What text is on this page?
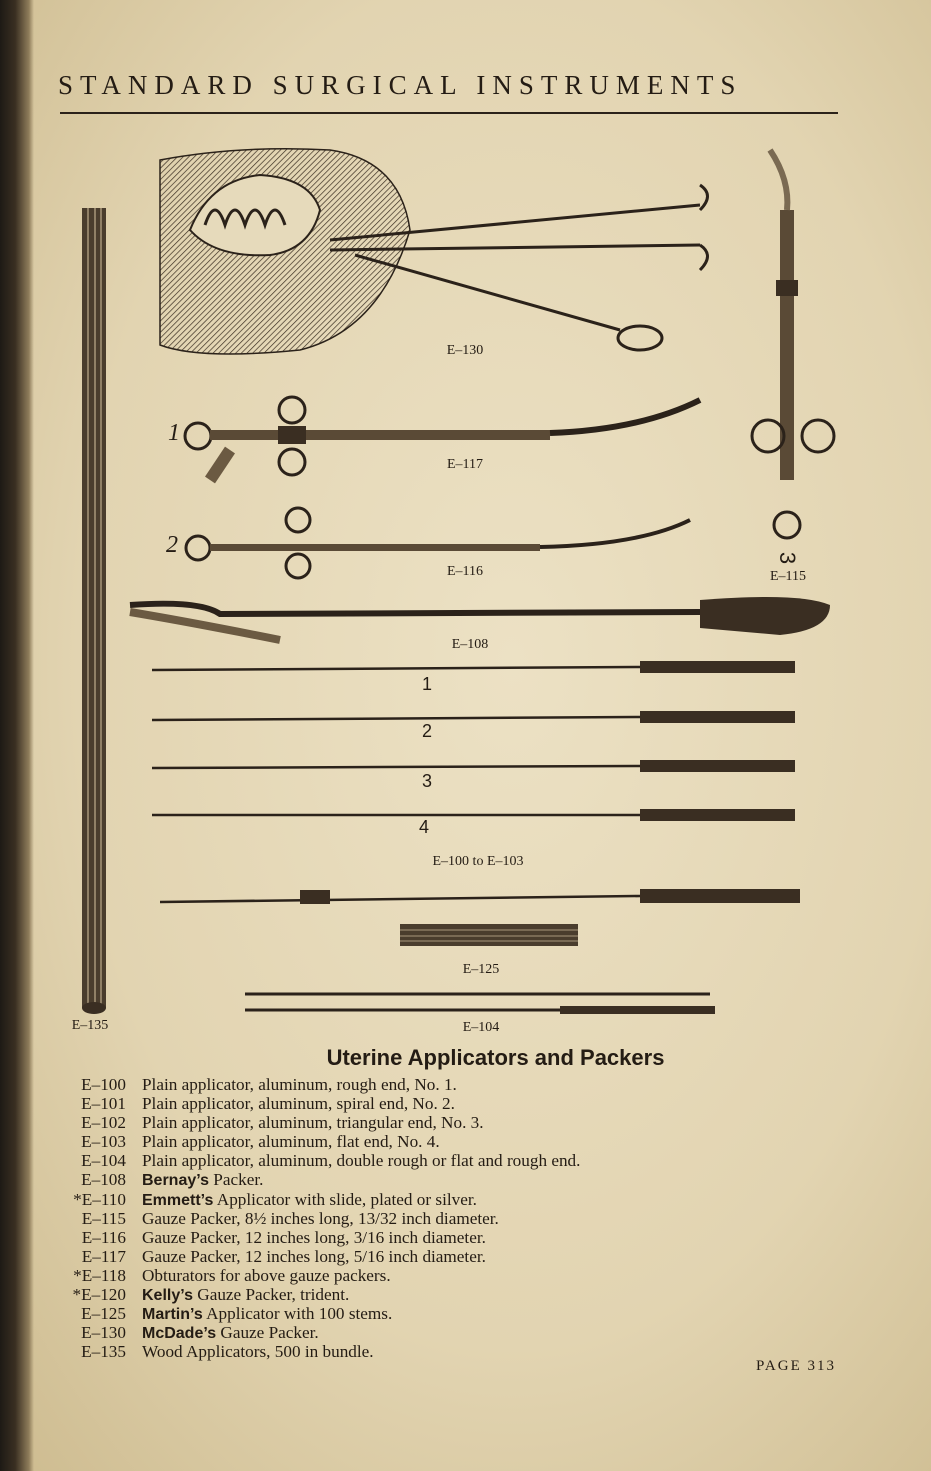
STANDARD SURGICAL INSTRUMENTS
E–130
E–117
E–116	E–115
E–108
E–100 to E–103
E–125
E–104
E–135
1
2
3
4
1
2	3
Uterine Applicators and Packers
E–100 Plain applicator, aluminum, rough end, No. 1.
E–101 Plain applicator, aluminum, spiral end, No. 2.
E–102 Plain applicator, aluminum, triangular end, No. 3.
E–103 Plain applicator, aluminum, flat end, No. 4.
E–104 Plain applicator, aluminum, double rough or flat and rough end.
E–108	Bernay’s Packer.
*E–110	Emmett’s Applicator with slide, plated or silver.
E–115 Gauze Packer, 8½ inches long, 13/32 inch diameter.
E–116 Gauze Packer, 12 inches long, 3/16 inch diameter.
E–117 Gauze Packer, 12 inches long, 5/16 inch diameter.
*E–118 Obturators for above gauze packers.
*E–120	Kelly’s Gauze Packer, trident.
E–125	Martin’s Applicator with 100 stems.
E–130	McDade’s Gauze Packer.
E–135 Wood Applicators, 500 in bundle.
PAGE 313
